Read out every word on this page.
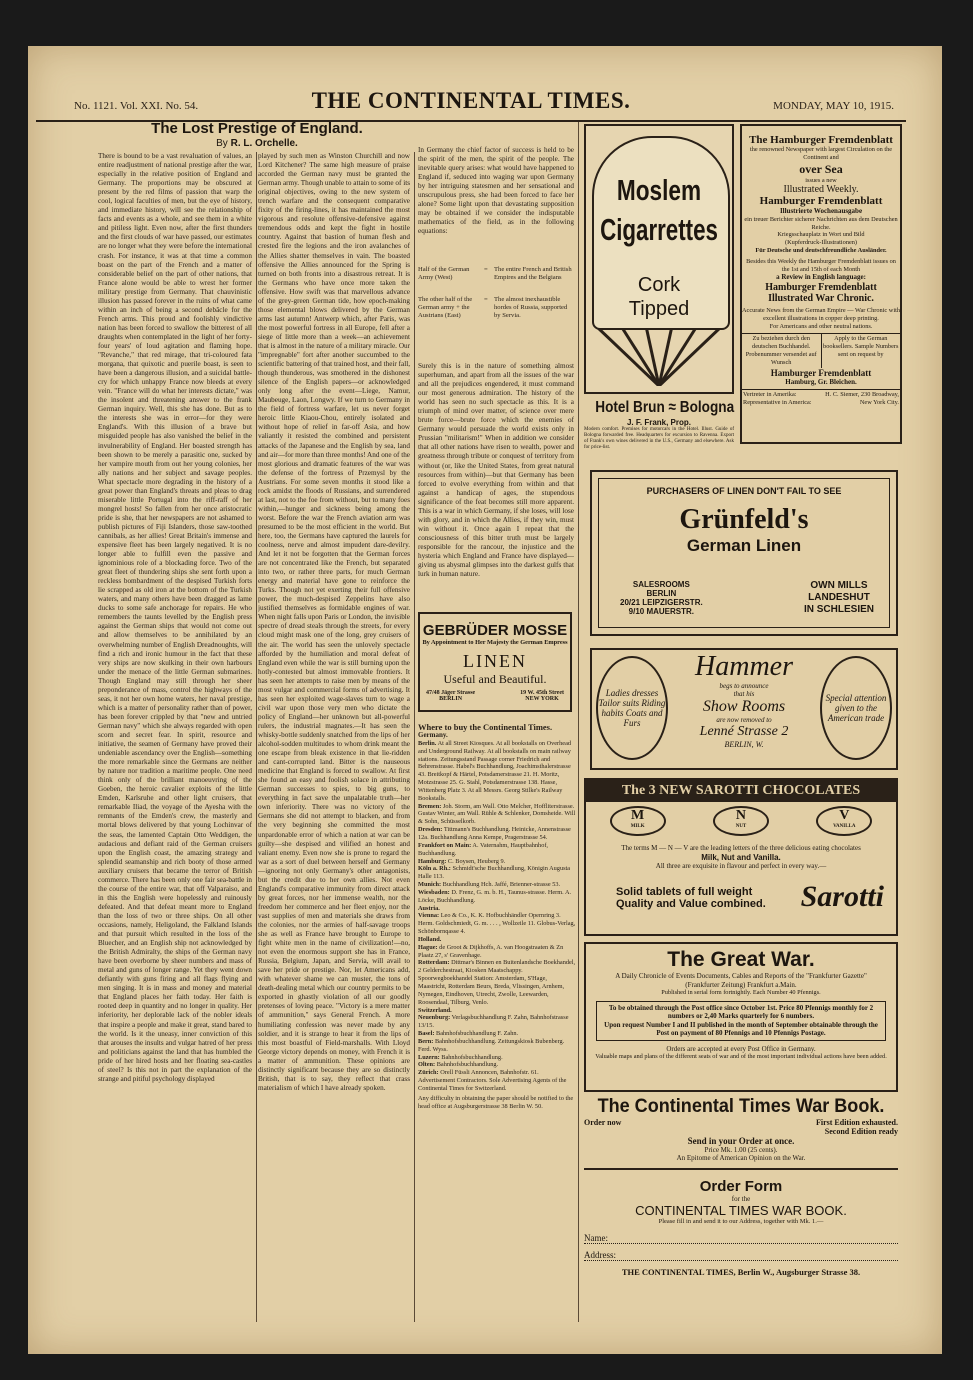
No. 1121. Vol. XXI. No. 54.	THE CONTINENTAL TIMES.	MONDAY, MAY 10, 1915.
The Lost Prestige of England.
By R. L. Orchelle.
There is bound to be a vast revaluation of values, an entire readjustment of national prestige after the war, especially in the relative position of England and Germany. The proportions may be obscured at present by the red films of passion that warp the cool, logical faculties of men, but the eye of history, and immediate history, will see the relationship of facts and events as a whole, and see them in a white and pitiless light. Even now, after the first thunders and the first clouds of war have passed, our estimates are no longer what they were before the international crash. For instance, it was at that time a common boast on the part of the French and a matter of considerable belief on the part of other nations, that France alone would be able to wrest her former military prestige from Germany. That chauvinistic illusion has passed forever in the ruins of what came within an inch of being a second debâcle for the French arms. This proud and foolishly vindictive nation has been forced to swallow the bitterest of all draughts when contemplated in the light of her forty-four years' of loud agitation and flaming hope. "Revanche," that red mirage, that tri-coloured fata morgana, that quixotic and puerile boast, is seen to have been a dangerous illusion, and a suicidal battle-cry for which unhappy France now bleeds at every vein. "France will do what her interests dictate," was the insolent and threatening answer to the frank German inquiry. Well, this she has done. But as to the interests she was in error—for they were England's. With this illusion of a brave but misguided people has also vanished the belief in the invulnerability of England. Her boasted strength has been shown to be merely a parasitic one, sucked by her vampire mouth from out her young colonies, her ally nations and her subject and savage peoples. What spectacle more degrading in the history of a great power than England's threats and pleas to drag miserable little Portugal into the riff-raff of her mongrel hosts! So fallen from her once aristocratic pride is she, that her newspapers are not ashamed to publish pictures of Fiji Islanders, those saw-toothed cannibals, as her allies! Great Britain's immense and expensive fleet has been largely negatived. It is no longer able to fulfill even the passive and ignominious role of a blockading force. Two of the great fleet of thundering ships she sent forth upon a reckless bombardment of the despised Turkish forts lie scrapped as old iron at the bottom of the Turkish waters, and many others have been dragged as lame ducks to some safe anchorage for repairs. He who remembers the taunts levelled by the English press against the German ships that would not come out and allow themselves to be annihilated by an overwhelming number of English Dreadnoughts, will find a rich and ironic humour in the fact that these very ships are now skulking in their own harbours under the menace of the little German submarines. Though England may still through her sheer preponderance of mass, control the highways of the seas, it not her own home waters, her naval prestige, which is a matter of personality rather than of power, has been forever crippled by that "new and untried German navy" which she always regarded with open scorn and secret fear. In spirit, resource and initiative, the seamen of Germany have proved their undeniable ascendancy over the English—something the more remarkable since the Germans are neither by nature nor tradition a maritime people. One need think only of the brilliant manoeuvring of the Goeben, the heroic cavalier exploits of the little Emden, Karlsruhe and other light cruisers, that remarkable Iliad, the voyage of the Ayesha with the remnants of the Emden's crew, the masterly and mortal blows delivered by that young Lochinvar of the seas, the lamented Captain Otto Weddigen, the audacious and defiant raid of the German cruisers upon the English coast, the amazing strategy and splendid seamanship and rich booty of those armed auxiliary cruisers that became the terror of British commerce. There has been only one fair sea-battle in the course of the entire war, that off Valparaiso, and in this the English were hopelessly and ruinously defeated. And that defeat meant more to England than the loss of two or three ships. On all other occasions, namely, Heligoland, the Falkland Islands and that pursuit which resulted in the loss of the Bluecher, and an English ship not acknowledged by the British Admiralty, the ships of the German navy have been overborne by sheer numbers and mass of metal and guns of longer range. Yet they went down defiantly with guns firing and all flags flying and men singing. It is in mass and money and material that England places her faith today. Her faith is rooted deep in quantity and no longer in quality. Her inferiority, her deplorable lack of the nobler ideals that inspire a people and make it great, stand bared to the world. Is it the uneasy, inner conviction of this that arouses the insults and vulgar hatred of her press and politicians against the land that has humbled the pride of her hired hosts and her floating sea-castles of steel? Is this not in part the explanation of the strange and pitiful psychology displayed
played by such men as Winston Churchill and now Lord Kitchener? The same high measure of praise accorded the German navy must be granted the German army. Though unable to attain to some of its original objectives, owing to the new system of trench warfare and the consequent comparative fixity of the firing-lines, it has maintained the most vigorous and resolute offensive-defensive against tremendous odds and kept the fight in hostile country. Against that bastion of human flesh and crested fire the legions and the iron avalanches of the Allies shatter themselves in vain. The boasted offensive the Allies announced for the Spring is turned on both fronts into a disastrous retreat. It is the Germans who have once more taken the offensive. How swift was that marvellous advance of the grey-green German tide, how epoch-making those elemental blows delivered by the German arms last autumn! Antwerp which, after Paris, was the most powerful fortress in all Europe, fell after a siege of little more than a week—an achievement that is almost in the nature of a military miracle. Our "impregnable" fort after another succumbed to the scientific battering of that trained host, and their fall, though thunderous, was smothered in the dishonest silence of the English papers—or acknowledged only long after the event—Liege, Namur, Maubeuge, Laon, Longwy. If we turn to Germany in the field of fortress warfare, let us never forget heroic little Kiaou-Chou, entirely isolated and without hope of relief in far-off Asia, and how valiantly it resisted the combined and persistent attacks of the Japanese and the English by sea, land and air—for more than three months! And one of the most glorious and dramatic features of the war was the defense of the fortress of Przemysl by the Austrians. For some seven months it stood like a rock amidst the floods of Russians, and surrendered at last, not to the foe from without, but to many foes within,—hunger and sickness being among the worst. Before the war the French aviation arm was presumed to be the most efficient in the world. But here, too, the Germans have captured the laurels for coolness, nerve and almost impudent dare-devilry. And let it not be forgotten that the German forces are not concentrated like the French, but separated into two, or rather three parts, for much German energy and material have gone to reinforce the Turks. Though not yet exerting their full offensive power, the much-despised Zeppelins have also justified themselves as formidable engines of war. When night falls upon Paris or London, the invisible spectre of dread steals through the streets, for every cloud might mask one of the long, grey cruisers of the air. The world has seen the unlovely spectacle afforded by the humiliation and moral defeat of England even while the war is still burning upon the hotly-contested but almost immovable frontiers. It has seen her attempts to raise men by means of the most vulgar and commercial forms of advertising. It has seen her exploited wage-slaves turn to wage a civil war upon those very men who dictate the policy of England—her unknown but all-powerful rulers, the industrial magnates.—It has seen the whisky-bottle suddenly snatched from the lips of her alcohol-sodden multitudes to whom drink meant the one escape from bleak existence in that lie-ridden and cant-corrupted land. Bitter is the nauseous medicine that England is forced to swallow. At first she found an easy and foolish solace in attributing German successes to spies, to big guns, to everything in fact save the unpalatable truth—her own inferiority. There was no victory of the Germans she did not attempt to blacken, and from the very beginning she committed the most unpardonable error of which a nation at war can be guilty—she despised and vilified an honest and valiant enemy. Even now she is prone to regard the war as a sort of duel between herself and Germany—ignoring not only Germany's other antagonists, but the credit due to her own allies. Not even England's comparative immunity from direct attack by great forces, nor her immense wealth, nor the freedom her commerce and her fleet enjoy, nor the vast supplies of men and materials she draws from the colonies, nor the armies of half-savage troops she as well as France have brought to Europe to fight white men in the name of civilization!—no, not even the enormous support she has in France, Russia, Belgium, Japan, and Servia, will avail to save her pride or prestige. Nor, let Americans add, with whatever shame we can muster, the tons of death-dealing metal which our country permits to be exported in ghastly violation of all our goodly pretenses of loving peace. "Victory is a mere matter of ammunition," says General French. A more humiliating confession was never made by any soldier, and it is strange to hear it from the lips of this most boastful of Field-marshalls. With Lloyd George victory depends on money, with French it is a matter of ammunition. These opinions are distinctly significant because they are so distinctly British, that is to say, they reflect that crass materialism of which I have already spoken.
In Germany the chief factor of success is held to be the spirit of the men, the spirit of the people. The inevitable query arises: what would have happened to England if, seduced into waging war upon Germany by her intriguing statesmen and her sensational and unscrupulous press, she had been forced to face her alone? Some light upon that devastating supposition may be obtained if we consider the indisputable mathematics of the field, as in the following equations:
Half of the German Army (West)
= The entire French and British Empires and the Belgians
The other half of the German army + the Austrians (East)
= The almost inexhaustible hordes of Russia, supported by Servia.
Surely this is in the nature of something almost superhuman, and apart from all the issues of the war and all the prejudices engendered, it must command our most generous admiration. The history of the world has seen no such spectacle as this. It is a triumph of mind over matter, of science over mere brute force—brute force which the enemies of Germany would persuade the world exists only in Prussian "militarism!" When in addition we consider that all other nations have risen to wealth, power and greatness through tribute or conquest of territory from without (or, like the United States, from great natural resources from within)—but that Germany has been forced to evolve everything from within and that against a handicap of ages, the stupendous significance of the feat becomes still more apparent. This is a war in which Germany, if she loses, will lose with glory, and in which the Allies, if they win, must win without it. Once again I repeat that the consciousness of this bitter truth must be largely responsible for the rancour, the injustice and the hysteria which England and France have displayed—giving us abysmal glimpses into the darkest gulfs that lurk in human nature.
GEBRÜDER MOSSE
By Appointment to Her Majesty the German Empress
LINEN
Useful and Beautiful.
47/48 Jäger Strasse
BERLIN
19 W. 45th Street
NEW YORK
Where to buy the Continental Times.
Germany.
Berlin. At all Street Kiosques. At all bookstalls on Overhead and Underground Railway. At all bookstalls on main railway stations. Zeitungsstand Passage corner Friedrich and Behrenstrasse. Habel's Buchhandlung, Joachimsthalerstrasse 43. Breitkopf & Härtel, Potsdamerstrasse 21. H. Moritz, Motzstrasse 25. G. Stahl, Potsdamerstrasse 138. Hasse, Wittenberg Platz 3. At all Messrs. Georg Stilke's Railway Bookstalls.
Bremen: Joh. Storm, am Wall. Otto Melcher, Hoffliterstrasse. Gustav Winter, am Wall. Rühle & Schlenker, Domsheide. Will & Sohn, Schüsselkorb.
Dresden: Tittmann's Buchhandlung. Heinicke, Annenstrasse 12a. Buchhandlung Anna Kempe, Pragerstrasse 54.
Frankfort on Main: A. Vaternahm, Hauptbahnhof, Buchhandlung.
Hamburg: C. Boysen, Heuberg 9.
Köln a. Rh.: Schmidt'sche Buchhandlung, Königin Augusta Halle 113.
Munich: Buchhandlung Hch. Jaffé, Brienner-strasse 53.
Wiesbaden: D. Frenz, G. m. b. H., Taunus-strasse. Herm. A. Löcke, Buchhandlung.
Austria.
Vienna: Leo & Co., K. K. Hofbuchhändler Opernring 3. Herm. Goldschmiedt, G. m. . . . , Wollzeile 11. Globus-Verlag, Schönbornqasse 4.
Holland.
Hague: de Groot & Dijkhoffs, A. van Hoogstraaten & Zn Plaatz 27, s' Gravenhage.
Rotterdam: Dittmar's Binnen en Buitenlandsche Boekhandel, 2 Gelderchestraat, Kiosken Maatschappy. Spoorwegboekhandel Station: Amsterdam, S'Hage, Maastricht, Rotterdam Beurs, Breda, Vlissingen, Arnhem, Nymegen, Eindhoven, Utrecht, Zwolle, Leewarden, Roosendaal, Tilburg, Venlo.
Switzerland.
Neuenburg: Verlagsbuchhandlung F. Zahn, Bahnhofstrasse 13/15.
Basel: Bahnhofsbuchhandlung F. Zahn.
Bern: Bahnhofsbuchhandlung. Zeitungskiosk Bubenberg. Ferd. Wyss.
Luzern: Bahnhofsbuchhandlung.
Olten: Bahnhofsbuchhandlung.
Zürich: Orell Füssli Annoncen, Bahnhofstr. 61. Advertisement Contractors. Sole Advertising Agents of the Continental Times for Switzerland.
Any difficulty in obtaining the paper should be notified to the head office at Augsburgerstrasse 38 Berlin W. 50.
Moslem
Cigarrettes
Cork
Tipped
Hotel Brun ≈ Bologna
J. F. Frank, Prop.
Modern comfort. Premises for motorcars in the Hotel. Illust. Guide of Bologna forwarded free. Headquarters for excursion to Ravenna. Export of Frank's own wines delivered in the U.S., Germany and elsewhere. Ask for price-list.
The Hamburger Fremdenblatt
the renowned Newspaper with largest Circulation on the Continent and
over Sea
issues a new
Illustrated Weekly.
Hamburger Fremdenblatt
Illustrierte Wochenausgabe
ein treuer Berichter sicherer Nachrichten aus dem Deutschen Reiche.
Kriegsschauplatz in Wort und Bild
(Kupferdruck-Illustrationen)
Für Deutsche und deutschfreundliche Ausländer.
Besides this Weekly the Hamburger Fremdenblatt issues on the 1st and 15th of each Month
a Review in English language:
Hamburger Fremdenblatt
Illustrated War Chronic.
Accurate News from the German Empire — War Chronic with excellent illustrations in copper deep printing.
For Americans and other neutral nations.
Zu beziehen durch den deutschen Buchhandel. Probenummer versendet auf Wunsch
Apply to the German booksellers. Sample Numbers sent on request by
Hamburger Fremdenblatt
Hamburg, Gr. Bleichen.
Vertreter in Amerika: Representative in America:
H. C. Siemer, 230 Broadway, New York City.
PURCHASERS OF LINEN DON'T FAIL TO SEE
Grünfeld's
German Linen
SALESROOMS
BERLIN
20/21 LEIPZIGERSTR.
9/10 MAUERSTR.
OWN MILLS
LANDESHUT
IN SCHLESIEN
Ladies dresses Tailor suits Riding habits Coats and Furs
Special attention given to the American trade
Hammer
begs to announce
that his
Show Rooms
are now removed to
Lenné Strasse 2
BERLIN, W.
The 3 NEW SAROTTI CHOCOLATES
M
MILK
N
NUT
V
VANILLA
The terms M — N — V are the leading letters of the three delicious eating chocolates
Milk, Nut and Vanilla.
All three are exquisite in flavour and perfect in every way.—
Solid tablets of full weight
Quality and Value combined. Sarotti
The Great War.
A Daily Chronicle of Events Documents, Cables and Reports of the "Frankfurter Gazette" (Frankfurter Zeitung) Frankfurt a.Main.
Published in serial form fortnightly. Each Number 40 Pfennigs.
To be obtained through the Post office since October 1st. Price 80 Pfennigs monthly for 2 numbers or 2,40 Marks quarterly for 6 numbers.
Upon request Number I and II published in the month of September obtainable through the Post on payment of 80 Pfennigs and 10 Pfennigs Postage.
Orders are accepted at every Post Office in Germany.
Valuable maps and plans of the different seats of war and of the most important individual actions have been added.
The Continental Times War Book.
Order now	First Edition exhausted.
Second Edition ready
Send in your Order at once.
Price Mk. 1.00 (25 cents).
An Epitome of American Opinion on the War.
Order Form
for the
CONTINENTAL TIMES WAR BOOK.
Please fill in and send it to our Address, together with Mk. 1.—
Name:
Address:
THE CONTINENTAL TIMES, Berlin W., Augsburger Strasse 38.
